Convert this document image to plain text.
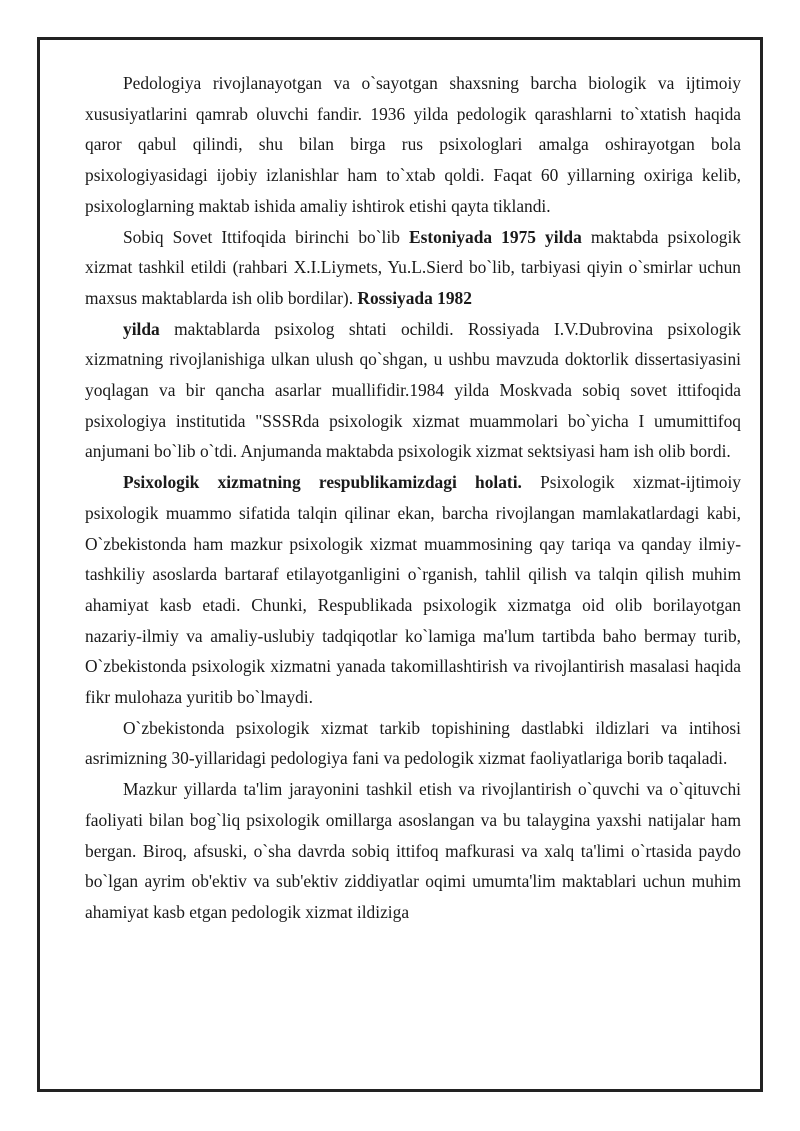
Pedologiya rivojlanayotgan va o`sayotgan shaxsning barcha biologik va ijtimoiy xususiyatlarini qamrab oluvchi fandir. 1936 yilda pedologik qarashlarni to`xtatish haqida qaror qabul qilindi, shu bilan birga rus psixologlari amalga oshirayotgan bola psixologiyasidagi ijobiy izlanishlar ham to`xtab qoldi. Faqat 60 yillarning oxiriga kelib, psixologlarning maktab ishida amaliy ishtirok etishi qayta tiklandi.

Sobiq Sovet Ittifoqida birinchi bo`lib Estoniyada 1975 yilda maktabda psixologik xizmat tashkil etildi (rahbari X.I.Liymets, Yu.L.Sierd bo`lib, tarbiyasi qiyin o`smirlar uchun maxsus maktablarda ish olib bordilar). Rossiyada 1982

yilda maktablarda psixolog shtati ochildi. Rossiyada I.V.Dubrovina psixologik xizmatning rivojlanishiga ulkan ulush qo`shgan, u ushbu mavzuda doktorlik dissertasiyasini yoqlagan va bir qancha asarlar muallifidir.1984 yilda Moskvada sobiq sovet ittifoqida psixologiya institutida "SSSRda psixologik xizmat muammolari bo`yicha I umumittifoq anjumani bo`lib o`tdi. Anjumanda maktabda psixologik xizmat sektsiyasi ham ish olib bordi.

Psixologik xizmatning respublikamizdagi holati. Psixologik xizmat-ijtimoiy psixologik muammo sifatida talqin qilinar ekan, barcha rivojlangan mamlakatlardagi kabi, O`zbekistonda ham mazkur psixologik xizmat muammosining qay tariqa va qanday ilmiy-tashkiliy asoslarda bartaraf etilayotganligini o`rganish, tahlil qilish va talqin qilish muhim ahamiyat kasb etadi. Chunki, Respublikada psixologik xizmatga oid olib borilayotgan nazariy-ilmiy va amaliy-uslubiy tadqiqotlar ko`lamiga ma'lum tartibda baho bermay turib, O`zbekistonda psixologik xizmatni yanada takomillashtirish va rivojlantirish masalasi haqida fikr mulohaza yuritib bo`lmaydi.

O`zbekistonda psixologik xizmat tarkib topishining dastlabki ildizlari va intihosi asrimizning 30-yillaridagi pedologiya fani va pedologik xizmat faoliyatlariga borib taqaladi.

Mazkur yillarda ta'lim jarayonini tashkil etish va rivojlantirish o`quvchi va o`qituvchi faoliyati bilan bog`liq psixologik omillarga asoslangan va bu talaygina yaxshi natijalar ham bergan. Biroq, afsuski, o`sha davrda sobiq ittifoq mafkurasi va xalq ta'limi o`rtasida paydo bo`lgan ayrim ob'ektiv va sub'ektiv ziddiyatlar oqimi umumta'lim maktablari uchun muhim ahamiyat kasb etgan pedologik xizmat ildiziga
